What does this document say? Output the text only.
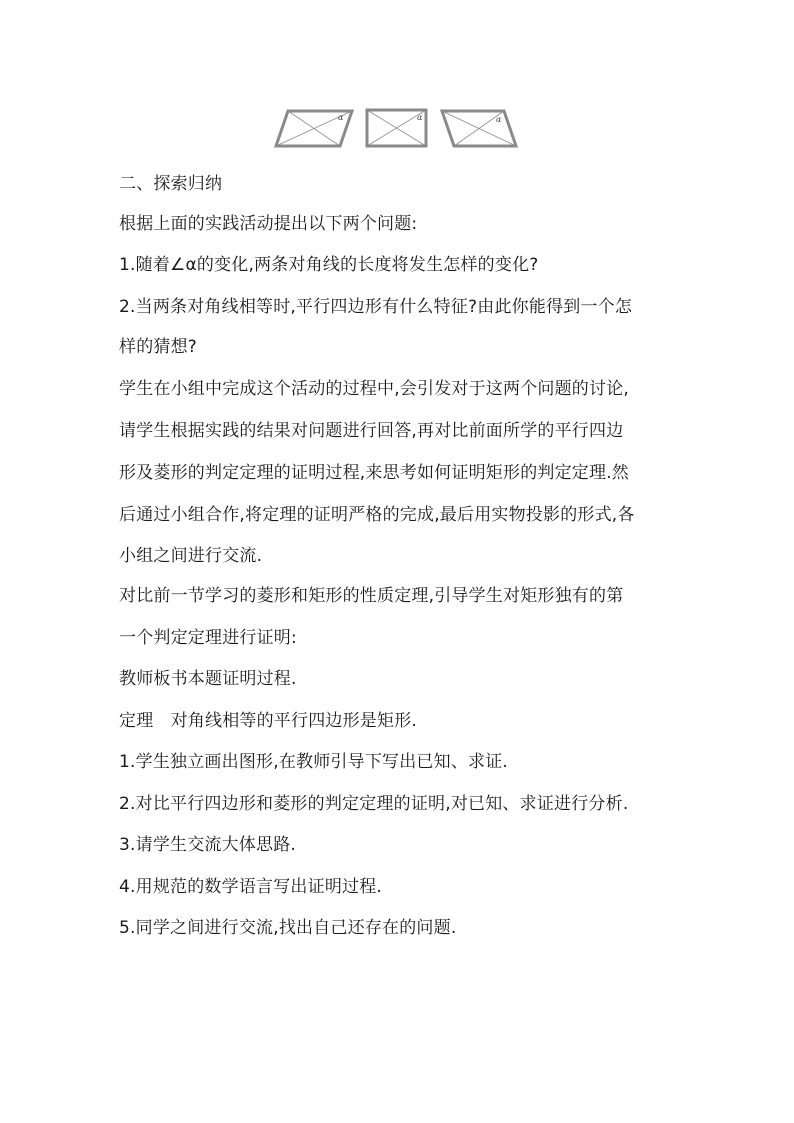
α	α	α
二、探索归纳
根据上面的实践活动提出以下两个问题:
1.随着∠α的变化,两条对角线的长度将发生怎样的变化?
2.当两条对角线相等时,平行四边形有什么特征?由此你能得到一个怎
样的猜想?
学生在小组中完成这个活动的过程中,会引发对于这两个问题的讨论,
请学生根据实践的结果对问题进行回答,再对比前面所学的平行四边
形及菱形的判定定理的证明过程,来思考如何证明矩形的判定定理.然
后通过小组合作,将定理的证明严格的完成,最后用实物投影的形式,各
小组之间进行交流.
对比前一节学习的菱形和矩形的性质定理,引导学生对矩形独有的第
一个判定定理进行证明:
教师板书本题证明过程.
定理　对角线相等的平行四边形是矩形.
1.学生独立画出图形,在教师引导下写出已知、求证.
2.对比平行四边形和菱形的判定定理的证明,对已知、求证进行分析.
3.请学生交流大体思路.
4.用规范的数学语言写出证明过程.
5.同学之间进行交流,找出自己还存在的问题.
